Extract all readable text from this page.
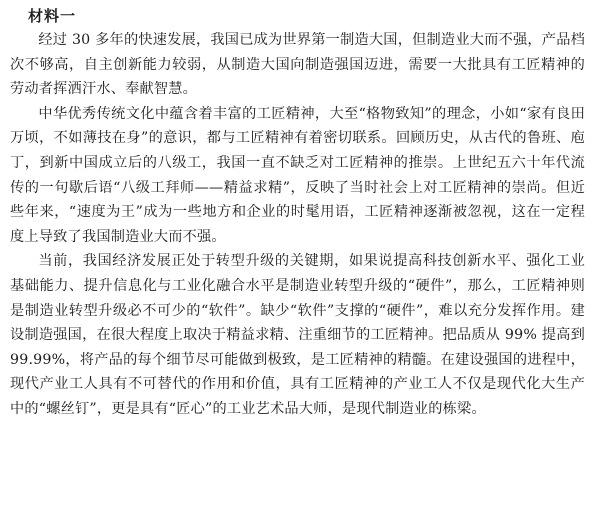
材料一

经过 30 多年的快速发展，我国已成为世界第一制造大国，但制造业大而不强，产品档次不够高，自主创新能力较弱，从制造大国向制造强国迈进，需要一大批具有工匠精神的劳动者挥洒汗水、奉献智慧。

中华优秀传统文化中蕴含着丰富的工匠精神，大至“格物致知”的理念，小如“家有良田万顷，不如薄技在身”的意识，都与工匠精神有着密切联系。回顾历史，从古代的鲁班、庖丁，到新中国成立后的八级工，我国一直不缺乏对工匠精神的推崇。上世纪五六十年代流传的一句歇后语“八级工拜师——精益求精”，反映了当时社会上对工匠精神的崇尚。但近些年来，“速度为王”成为一些地方和企业的时髦用语，工匠精神逐渐被忽视，这在一定程度上导致了我国制造业大而不强。

当前，我国经济发展正处于转型升级的关键期，如果说提高科技创新水平、强化工业基础能力、提升信息化与工业化融合水平是制造业转型升级的“硬件”，那么，工匠精神则是制造业转型升级必不可少的“软件”。缺少“软件”支撑的“硬件”，难以充分发挥作用。建设制造强国，在很大程度上取决于精益求精、注重细节的工匠精神。把品质从 99% 提高到 99.99%，将产品的每个细节尽可能做到极致，是工匠精神的精髓。在建设强国的进程中，现代产业工人具有不可替代的作用和价值，具有工匠精神的产业工人不仅是现代化大生产中的“螺丝钉”，更是具有“匠心”的工业艺术品大师，是现代制造业的栋梁。
